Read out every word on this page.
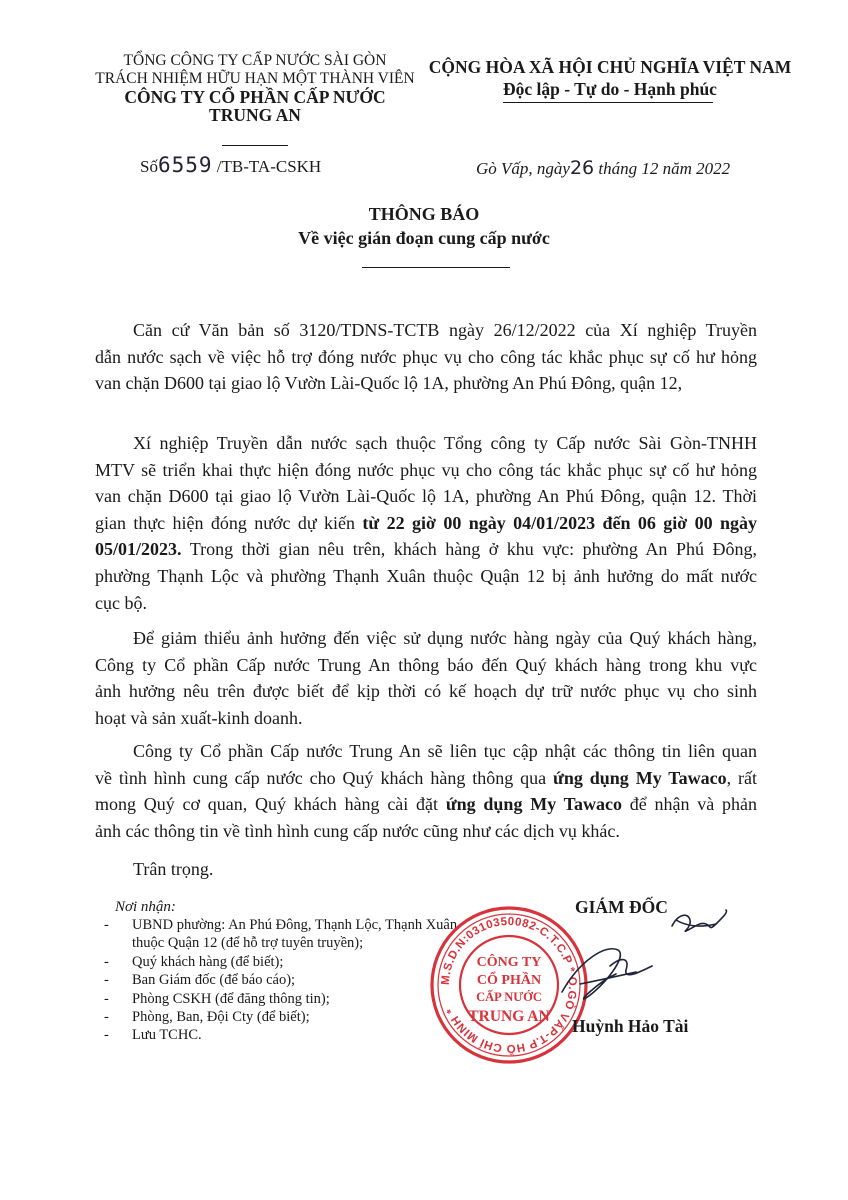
TỔNG CÔNG TY CẤP NƯỚC SÀI GÒN
TRÁCH NHIỆM HỮU HẠN MỘT THÀNH VIÊN
CÔNG TY CỔ PHẦN CẤP NƯỚC
TRUNG AN
CỘNG HÒA XÃ HỘI CHỦ NGHĨA VIỆT NAM
Độc lập - Tự do - Hạnh phúc
Số6559 /TB-TA-CSKH	Gò Vấp, ngày26 tháng 12 năm 2022
THÔNG BÁO
Về việc gián đoạn cung cấp nước
Căn cứ Văn bản số 3120/TDNS-TCTB ngày 26/12/2022 của Xí nghiệp Truyền
dẫn nước sạch về việc hỗ trợ đóng nước phục vụ cho công tác khắc phục sự cố hư hỏng
van chặn D600 tại giao lộ Vườn Lài-Quốc lộ 1A, phường An Phú Đông, quận 12,
Xí nghiệp Truyền dẫn nước sạch thuộc Tổng công ty Cấp nước Sài Gòn-TNHH
MTV sẽ triển khai thực hiện đóng nước phục vụ cho công tác khắc phục sự cố hư hỏng
van chặn D600 tại giao lộ Vườn Lài-Quốc lộ 1A, phường An Phú Đông, quận 12. Thời
gian thực hiện đóng nước dự kiến từ 22 giờ 00 ngày 04/01/2023 đến 06 giờ 00 ngày
05/01/2023. Trong thời gian nêu trên, khách hàng ở khu vực: phường An Phú Đông,
phường Thạnh Lộc và phường Thạnh Xuân thuộc Quận 12 bị ảnh hưởng do mất nước
cục bộ.
Để giảm thiểu ảnh hưởng đến việc sử dụng nước hàng ngày của Quý khách hàng,
Công ty Cổ phần Cấp nước Trung An thông báo đến Quý khách hàng trong khu vực
ảnh hưởng nêu trên được biết để kịp thời có kế hoạch dự trữ nước phục vụ cho sinh
hoạt và sản xuất-kinh doanh.
Công ty Cổ phần Cấp nước Trung An sẽ liên tục cập nhật các thông tin liên quan
về tình hình cung cấp nước cho Quý khách hàng thông qua ứng dụng My Tawaco, rất
mong Quý cơ quan, Quý khách hàng cài đặt ứng dụng My Tawaco để nhận và phản
ảnh các thông tin về tình hình cung cấp nước cũng như các dịch vụ khác.
Trân trọng.
Nơi nhận:
- UBND phường: An Phú Đông, Thạnh Lộc, Thạnh Xuân
thuộc Quận 12 (để hỗ trợ tuyên truyền);
- Quý khách hàng (để biết);
- Ban Giám đốc (để báo cáo);
- Phòng CSKH (để đăng thông tin);
- Phòng, Ban, Đội Cty (để biết);
- Lưu TCHC.
GIÁM ĐỐC
M.S.D.N:0310350082-C.T.C.P * Q.GÒ VẤP-T.P HỒ CHÍ MINH *
CÔNG TY
CỔ PHẦN
CẤP NƯỚC
TRUNG AN Huỳnh Hảo Tài
